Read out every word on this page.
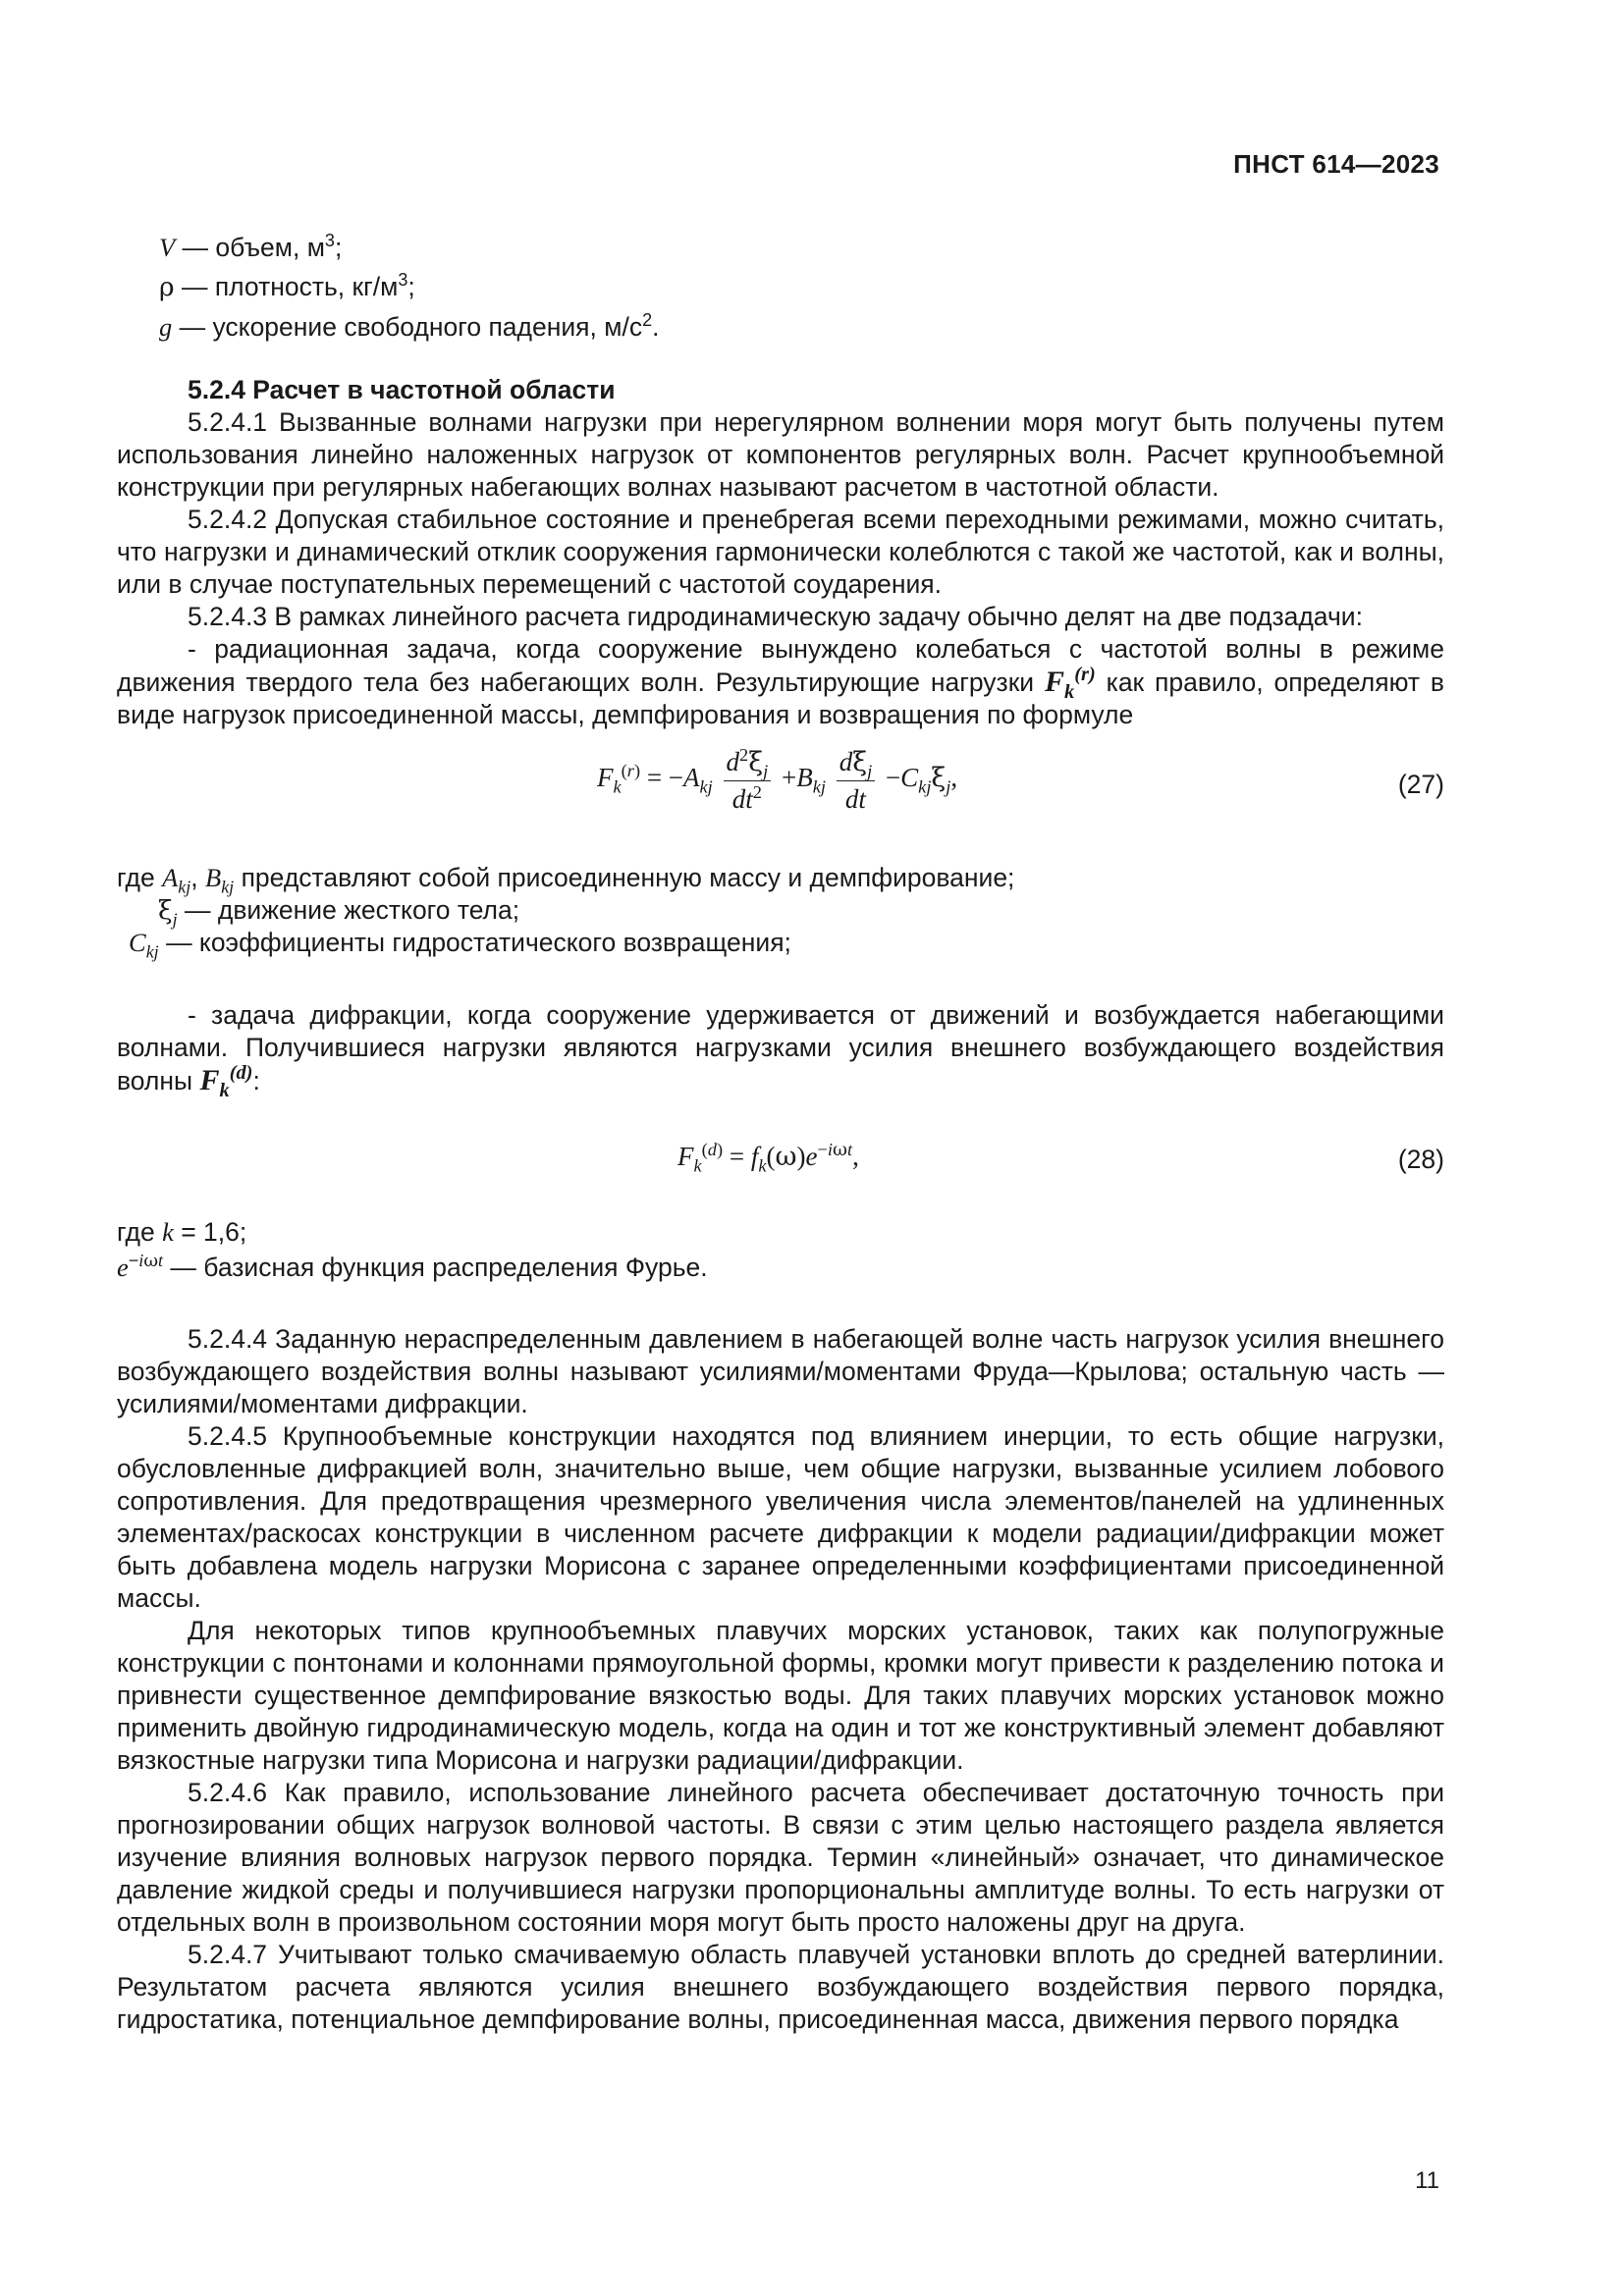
ПНСТ 614—2023
V — объем, $м^3$;
ρ — плотность, $кг/м^3$;
g — ускорение свободного падения, $м/с^2$.

5.2.4 Расчет в частотной области

5.2.4.1 Вызванные волнами нагрузки при нерегулярном волнении моря могут быть получены путем использования линейно наложенных нагрузок от компонентов регулярных волн. Расчет крупнообъемной конструкции при регулярных набегающих волнах называют расчетом в частотной области.

5.2.4.2 Допуская стабильное состояние и пренебрегая всеми переходными режимами, можно считать, что нагрузки и динамический отклик сооружения гармонически колеблются с такой же частотой, как и волны, или в случае поступательных перемещений с частотой соударения.

5.2.4.3 В рамках линейного расчета гидродинамическую задачу обычно делят на две подзадачи:

- радиационная задача, когда сооружение вынуждено колебаться с частотой волны в режиме движения твердого тела без набегающих волн. Результирующие нагрузки $F_k^{(r)}$ как правило, определяют в виде нагрузок присоединенной массы, демпфирования и возвращения по формуле

$F_k^{(r)} = -A_{kj} \frac{d^2\xi_j}{dt^2} +B_{kj} \frac{d\xi_j}{dt} -C_{kj}\xi_j$,	(27)
где $A_{kj}$, $B_{kj}$ представляют собой присоединенную массу и демпфирование;
$\xi_j$ — движение жесткого тела;
$C_{kj}$ — коэффициенты гидростатического возвращения;

- задача дифракции, когда сооружение удерживается от движений и возбуждается набегающими волнами. Получившиеся нагрузки являются нагрузками усилия внешнего возбуждающего воздействия волны $F_k^{(d)}$:

$F_k^{(d)} = f_k(\omega)e^{-i\omega t}$,	(28)
где k = 1,6;
$e^{-i\omega t}$ — базисная функция распределения Фурье.

5.2.4.4 Заданную нераспределенным давлением в набегающей волне часть нагрузок усилия внешнего возбуждающего воздействия волны называют усилиями/моментами Фруда—Крылова; остальную часть — усилиями/моментами дифракции.

5.2.4.5 Крупнообъемные конструкции находятся под влиянием инерции, то есть общие нагрузки, обусловленные дифракцией волн, значительно выше, чем общие нагрузки, вызванные усилием лобового сопротивления. Для предотвращения чрезмерного увеличения числа элементов/панелей на удлиненных элементах/раскосах конструкции в численном расчете дифракции к модели радиации/дифракции может быть добавлена модель нагрузки Морисона с заранее определенными коэффициентами присоединенной массы.

Для некоторых типов крупнообъемных плавучих морских установок, таких как полупогружные конструкции с понтонами и колоннами прямоугольной формы, кромки могут привести к разделению потока и привнести существенное демпфирование вязкостью воды. Для таких плавучих морских установок можно применить двойную гидродинамическую модель, когда на один и тот же конструктивный элемент добавляют вязкостные нагрузки типа Морисона и нагрузки радиации/дифракции.

5.2.4.6 Как правило, использование линейного расчета обеспечивает достаточную точность при прогнозировании общих нагрузок волновой частоты. В связи с этим целью настоящего раздела является изучение влияния волновых нагрузок первого порядка. Термин «линейный» означает, что динамическое давление жидкой среды и получившиеся нагрузки пропорциональны амплитуде волны. То есть нагрузки от отдельных волн в произвольном состоянии моря могут быть просто наложены друг на друга.

5.2.4.7 Учитывают только смачиваемую область плавучей установки вплоть до средней ватерлинии. Результатом расчета являются усилия внешнего возбуждающего воздействия первого порядка, гидростатика, потенциальное демпфирование волны, присоединенная масса, движения первого порядка

11
